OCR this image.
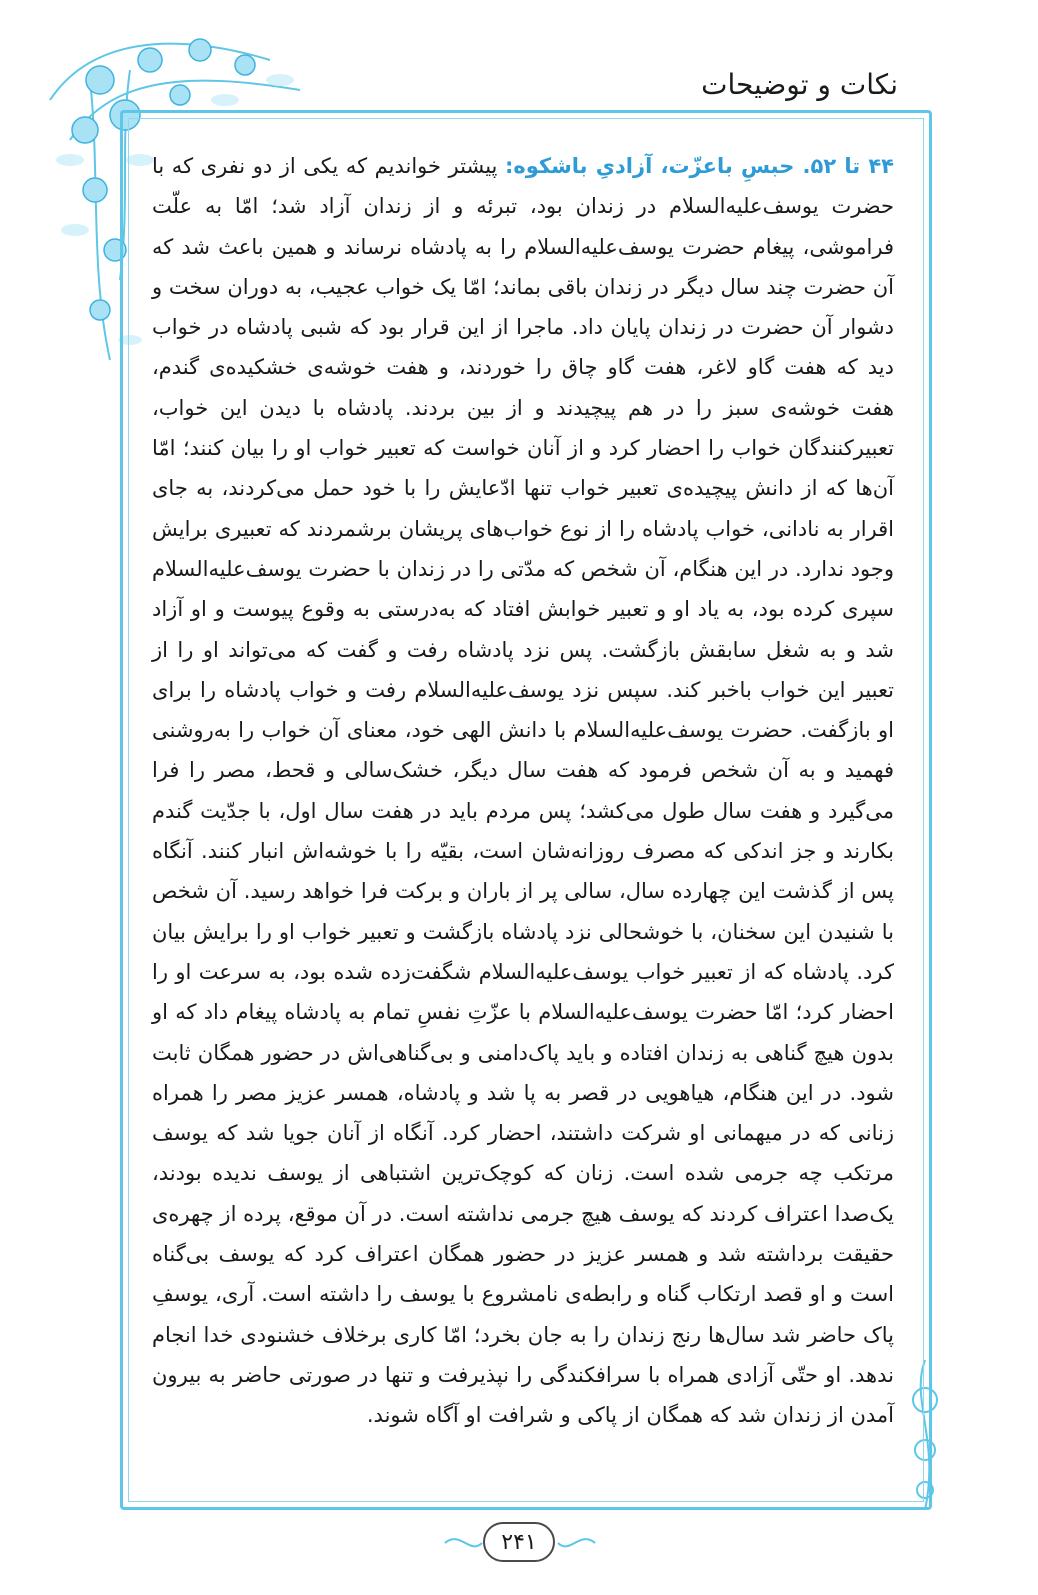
نکات و توضیحات
۴۴ تا ۵۲. حبسِ باعزّت، آزادیِ باشکوه: پیشتر خواندیم که یکی از دو نفری که با حضرت یوسف‌علیه‌السلام در زندان بود، تبرئه و از زندان آزاد شد؛ امّا به علّت فراموشی، پیغام حضرت یوسف‌علیه‌السلام را به پادشاه نرساند و همین باعث شد که آن حضرت چند سال دیگر در زندان باقی بماند؛ امّا یک خواب عجیب، به دوران سخت و دشوار آن حضرت در زندان پایان داد. ماجرا از این قرار بود که شبی پادشاه در خواب دید که هفت گاو لاغر، هفت گاو چاق را خوردند، و هفت خوشه‌ی خشکیده‌ی گندم، هفت خوشه‌ی سبز را در هم پیچیدند و از بین بردند. پادشاه با دیدن این خواب، تعبیرکنندگان خواب را احضار کرد و از آنان خواست که تعبیر خواب او را بیان کنند؛ امّا آن‌ها که از دانش پیچیده‌ی تعبیر خواب تنها ادّعایش را با خود حمل می‌کردند، به جای اقرار به نادانی، خواب پادشاه را از نوع خواب‌های پریشان برشمردند که تعبیری برایش وجود ندارد. در این هنگام، آن شخص که مدّتی را در زندان با حضرت یوسف‌علیه‌السلام سپری کرده بود، به یاد او و تعبیر خوابش افتاد که به‌درستی به وقوع پیوست و او آزاد شد و به شغل سابقش بازگشت. پس نزد پادشاه رفت و گفت که می‌تواند او را از تعبیر این خواب باخبر کند. سپس نزد یوسف‌علیه‌السلام رفت و خواب پادشاه را برای او بازگفت. حضرت یوسف‌علیه‌السلام با دانش الهی خود، معنای آن خواب را به‌روشنی فهمید و به آن شخص فرمود که هفت سال دیگر، خشک‌سالی و قحط، مصر را فرا می‌گیرد و هفت سال طول می‌کشد؛ پس مردم باید در هفت سال اول، با جدّیت گندم بکارند و جز اندکی که مصرف روزانه‌شان است، بقیّه را با خوشه‌اش انبار کنند. آنگاه پس از گذشت این چهارده سال، سالی پر از باران و برکت فرا خواهد رسید. آن شخص با شنیدن این سخنان، با خوشحالی نزد پادشاه بازگشت و تعبیر خواب او را برایش بیان کرد. پادشاه که از تعبیر خواب یوسف‌علیه‌السلام شگفت‌زده شده بود، به سرعت او را احضار کرد؛ امّا حضرت یوسف‌علیه‌السلام با عزّتِ نفسِ تمام به پادشاه پیغام داد که او بدون هیچ گناهی به زندان افتاده و باید پاک‌دامنی و بی‌گناهی‌اش در حضور همگان ثابت شود. در این هنگام، هیاهویی در قصر به پا شد و پادشاه، همسر عزیز مصر را همراه زنانی که در میهمانی او شرکت داشتند، احضار کرد. آنگاه از آنان جویا شد که یوسف مرتکب چه جرمی شده است. زنان که کوچک‌ترین اشتباهی از یوسف ندیده بودند، یک‌صدا اعتراف کردند که یوسف هیچ جرمی نداشته است. در آن موقع، پرده از چهره‌ی حقیقت برداشته شد و همسر عزیز در حضور همگان اعتراف کرد که یوسف بی‌گناه است و او قصد ارتکاب گناه و رابطه‌ی نامشروع با یوسف را داشته است. آری، یوسفِ پاک حاضر شد سال‌ها رنج زندان را به جان بخرد؛ امّا کاری برخلاف خشنودی خدا انجام ندهد. او حتّی آزادی همراه با سرافکندگی را نپذیرفت و تنها در صورتی حاضر به بیرون آمدن از زندان شد که همگان از پاکی و شرافت او آگاه شوند.
۲۴۱
